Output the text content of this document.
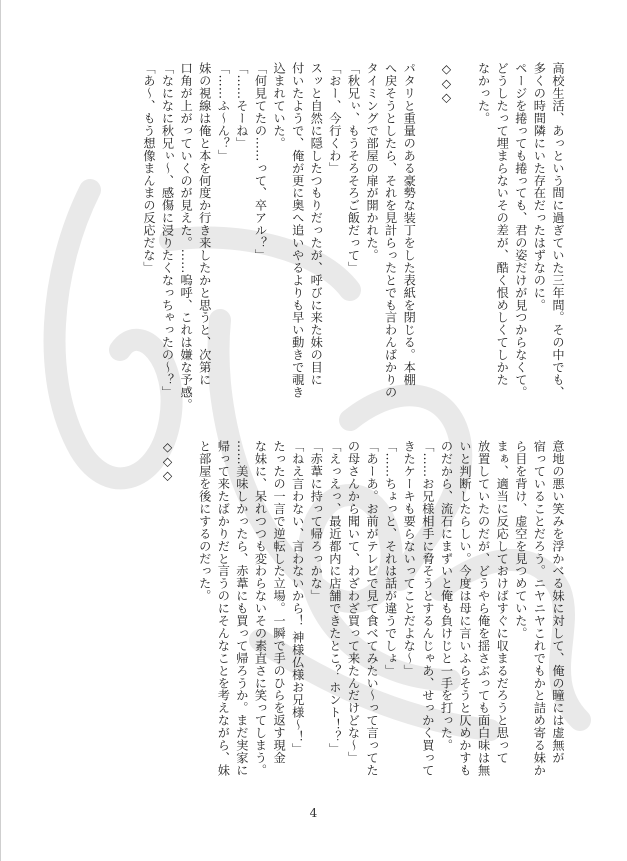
高校生活、あっという間に過ぎていた三年間。その中でも、
多くの時間隣にいた存在だったはずなのに。
ページを捲っても捲っても、君の姿だけが見つからなくて。
どうしたって埋まらないその差が、酷く恨めしくてしかた
なかった。
◇◇◇
パタリと重量のある豪勢な装丁をした表紙を閉じる。本棚
へ戻そうとしたら、それを見計らったとでも言わんばかりの
タイミングで部屋の扉が開かれた。
「秋兄ぃ、もうそろそろご飯だって」
「おー、今行くわ」
スッと自然に隠したつもりだったが、呼びに来た妹の目に
付いたようで、俺が更に奥へ追いやるよりも早い動きで覗き
込まれていた。
「何見てたの……って、卒アル？」
「……そーね」
「……ふ〜ん？」
妹の視線は俺と本を何度か行き来したかと思うと、次第に
口角が上がっていくのが見えた。……嗚呼、これは嫌な予感。
「なになに秋兄ぃ〜、感傷に浸りたくなっちゃったの〜？」
「あ〜、もう想像まんまの反応だな」
意地の悪い笑みを浮かべる妹に対して、俺の瞳には虚無が
宿っていることだろう。ニヤニヤこれでもかと詰め寄る妹か
ら目を背け、虚空を見つめていた。
まぁ、適当に反応しておけばすぐに収まるだろうと思って
放置していたのだが、どうやら俺を揺さぶっても面白味は無
いと判断したらしい。今度は母に言いふらそうと仄めかすも
のだから、流石にまずいと俺も負けじと一手を打った。
「……お兄様相手に脅そうとするんじゃあ、せっかく買って
きたケーキも要らないってことだよな〜」
「……ちょっと、それは話が違うでしょ」
「あーあ。お前がテレビで見て食べてみたい〜って言ってた
の母さんから聞いて、わざわざ買って来たんだけどな〜」
「えっえっ、最近都内に店舗できたとこ？ ホント！？」
「赤葦に持って帰ろっかな」
「ねえ言わない、言わないから！ 神様仏様お兄様〜！」
たったの一言で逆転した立場。一瞬で手のひらを返す現金
な妹に、呆れつつも変わらないその素直さに笑ってしまう。
……美味しかったら、赤葦にも買って帰ろうか。まだ実家に
帰って来たばかりだと言うのにそんなことを考えながら、妹
と部屋を後にするのだった。
◇◇◇
4
